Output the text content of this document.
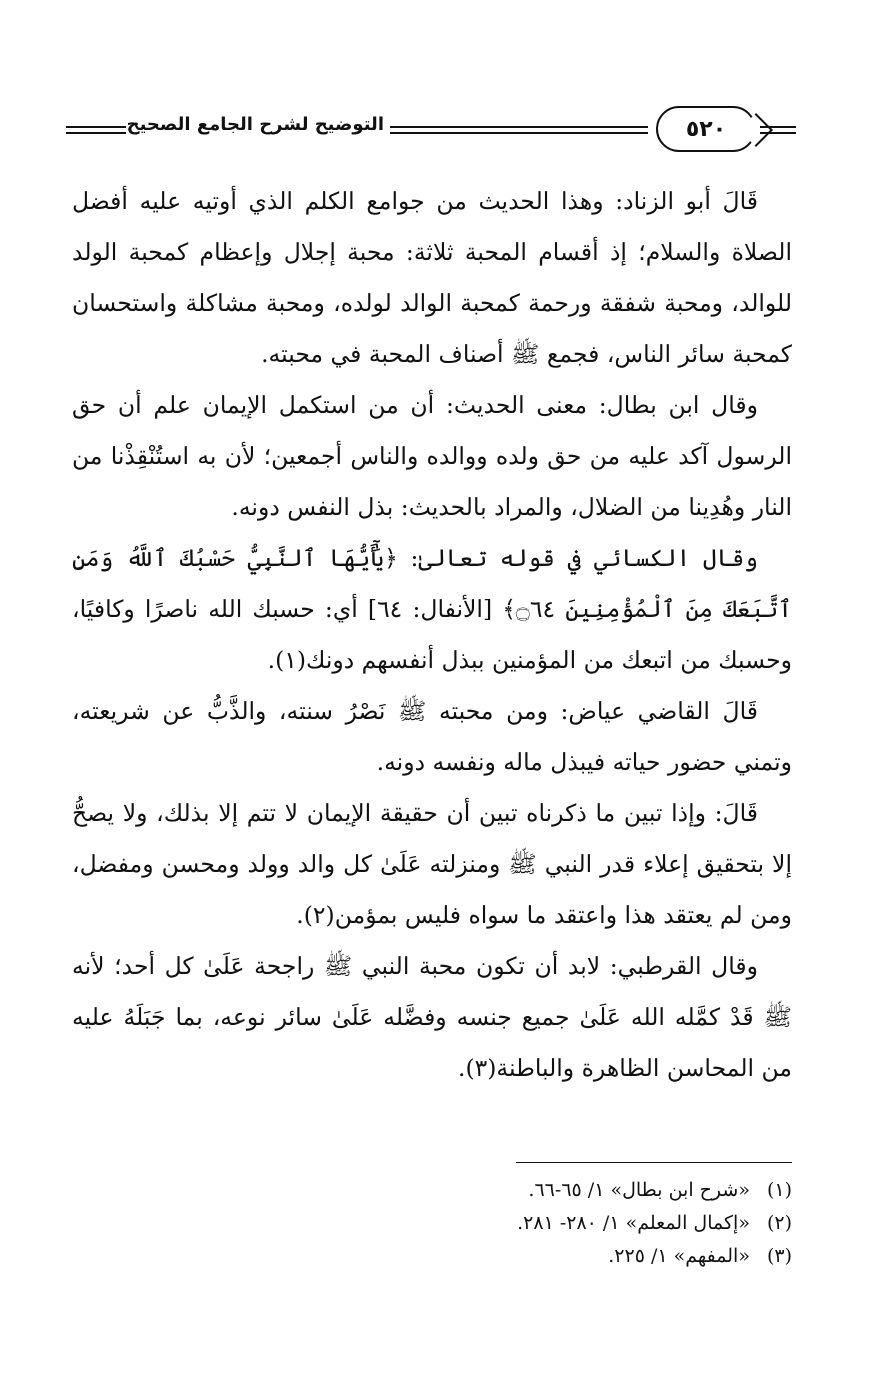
التوضيح لشرح الجامع الصحيح	٥٢٠

قَالَ أبو الزناد: وهذا الحديث من جوامع الكلم الذي أوتيه عليه أفضل الصلاة والسلام؛ إذ أقسام المحبة ثلاثة: محبة إجلال وإعظام كمحبة الولد للوالد، ومحبة شفقة ورحمة كمحبة الوالد لولده، ومحبة مشاكلة واستحسان كمحبة سائر الناس، فجمع ﷺ أصناف المحبة في محبته.

وقال ابن بطال: معنى الحديث: أن من استكمل الإيمان علم أن حق الرسول آكد عليه من حق ولده ووالده والناس أجمعين؛ لأن به استُنْقِذْنا من النار وهُدِينا من الضلال، والمراد بالحديث: بذل النفس دونه.

وقال الكسائي في قوله تعالىٰ: ﴿يَٰٓأَيُّهَا ٱلنَّبِيُّ حَسْبُكَ ٱللَّهُ وَمَنِ ٱتَّبَعَكَ مِنَ ٱلْمُؤْمِنِينَ ۝٦٤﴾ [الأنفال: ٦٤] أي: حسبك الله ناصرًا وكافيًا، وحسبك من اتبعك من المؤمنين ببذل أنفسهم دونك(١).

قَالَ القاضي عياض: ومن محبته ﷺ نَصْرُ سنته، والذَّبُّ عن شريعته، وتمني حضور حياته فيبذل ماله ونفسه دونه.

قَالَ: وإذا تبين ما ذكرناه تبين أن حقيقة الإيمان لا تتم إلا بذلك، ولا يصحُّ إلا بتحقيق إعلاء قدر النبي ﷺ ومنزلته عَلَىٰ كل والد وولد ومحسن ومفضل، ومن لم يعتقد هذا واعتقد ما سواه فليس بمؤمن(٢).

وقال القرطبي: لابد أن تكون محبة النبي ﷺ راجحة عَلَىٰ كل أحد؛ لأنه ﷺ قَدْ كمَّله الله عَلَىٰ جميع جنسه وفضَّله عَلَىٰ سائر نوعه، بما جَبَلَهُ عليه من المحاسن الظاهرة والباطنة(٣).

(١) «شرح ابن بطال» ١/ ٦٥-٦٦.
(٢) «إكمال المعلم» ١/ ٢٨٠- ٢٨١.
(٣) «المفهم» ١/ ٢٢٥.
